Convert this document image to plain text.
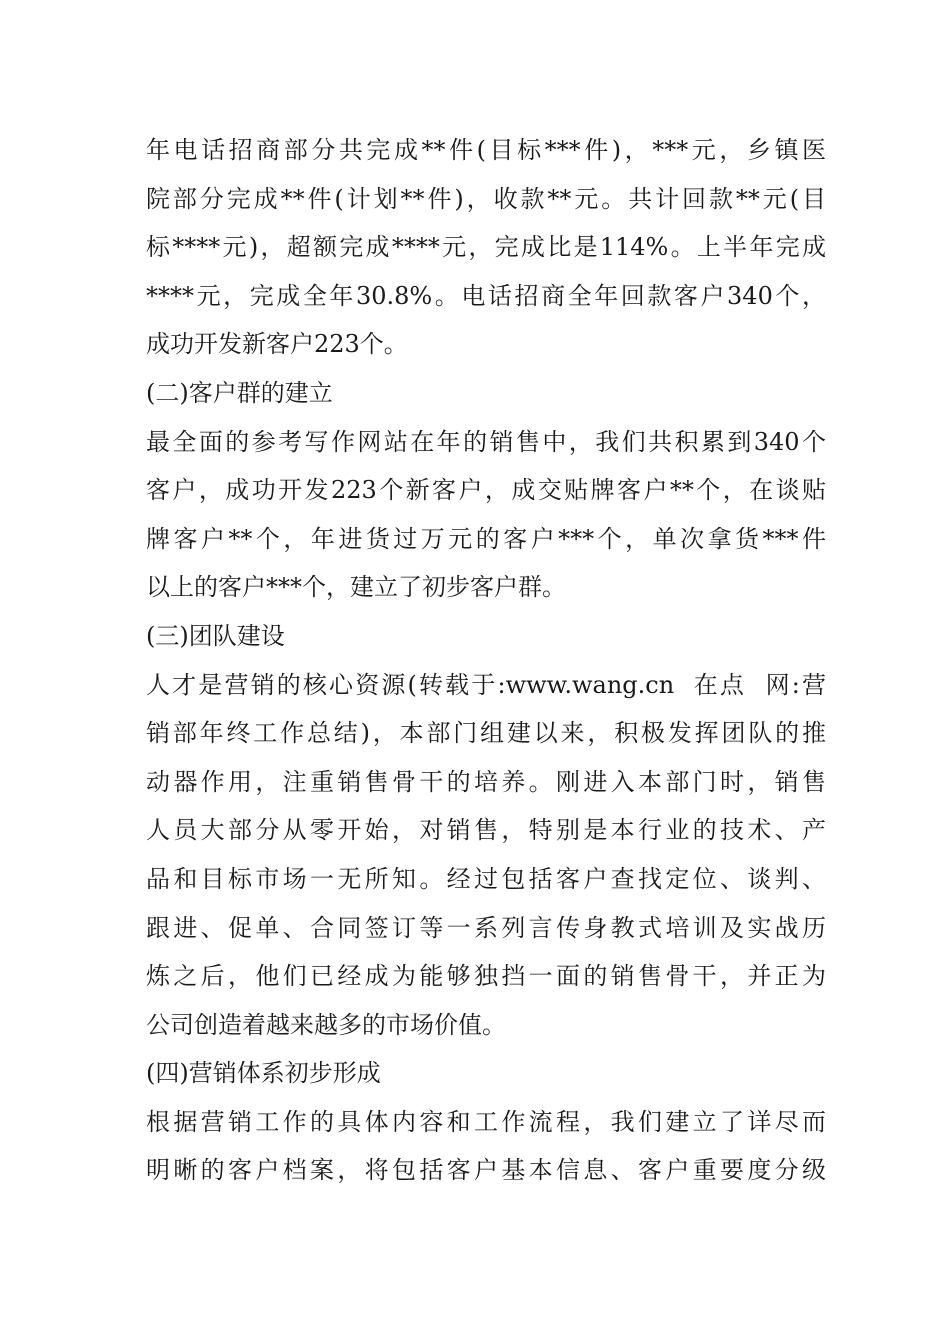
年电话招商部分共完成**件(目标***件)，***元，乡镇医
院部分完成**件(计划**件)，收款**元。共计回款**元(目
标****元)，超额完成****元，完成比是114%。上半年完成
****元，完成全年30.8%。电话招商全年回款客户340个，
成功开发新客户223个。
(二)客户群的建立
最全面的参考写作网站在年的销售中，我们共积累到340个
客户，成功开发223个新客户，成交贴牌客户**个，在谈贴
牌客户**个，年进货过万元的客户***个，单次拿货***件
以上的客户***个，建立了初步客户群。
(三)团队建设
人才是营销的核心资源(转载于:www.wang.cn  在点  网:营
销部年终工作总结)，本部门组建以来，积极发挥团队的推
动器作用，注重销售骨干的培养。刚进入本部门时，销售
人员大部分从零开始，对销售，特别是本行业的技术、产
品和目标市场一无所知。经过包括客户查找定位、谈判、
跟进、促单、合同签订等一系列言传身教式培训及实战历
炼之后，他们已经成为能够独挡一面的销售骨干，并正为
公司创造着越来越多的市场价值。
(四)营销体系初步形成
根据营销工作的具体内容和工作流程，我们建立了详尽而
明晰的客户档案，将包括客户基本信息、客户重要度分级
